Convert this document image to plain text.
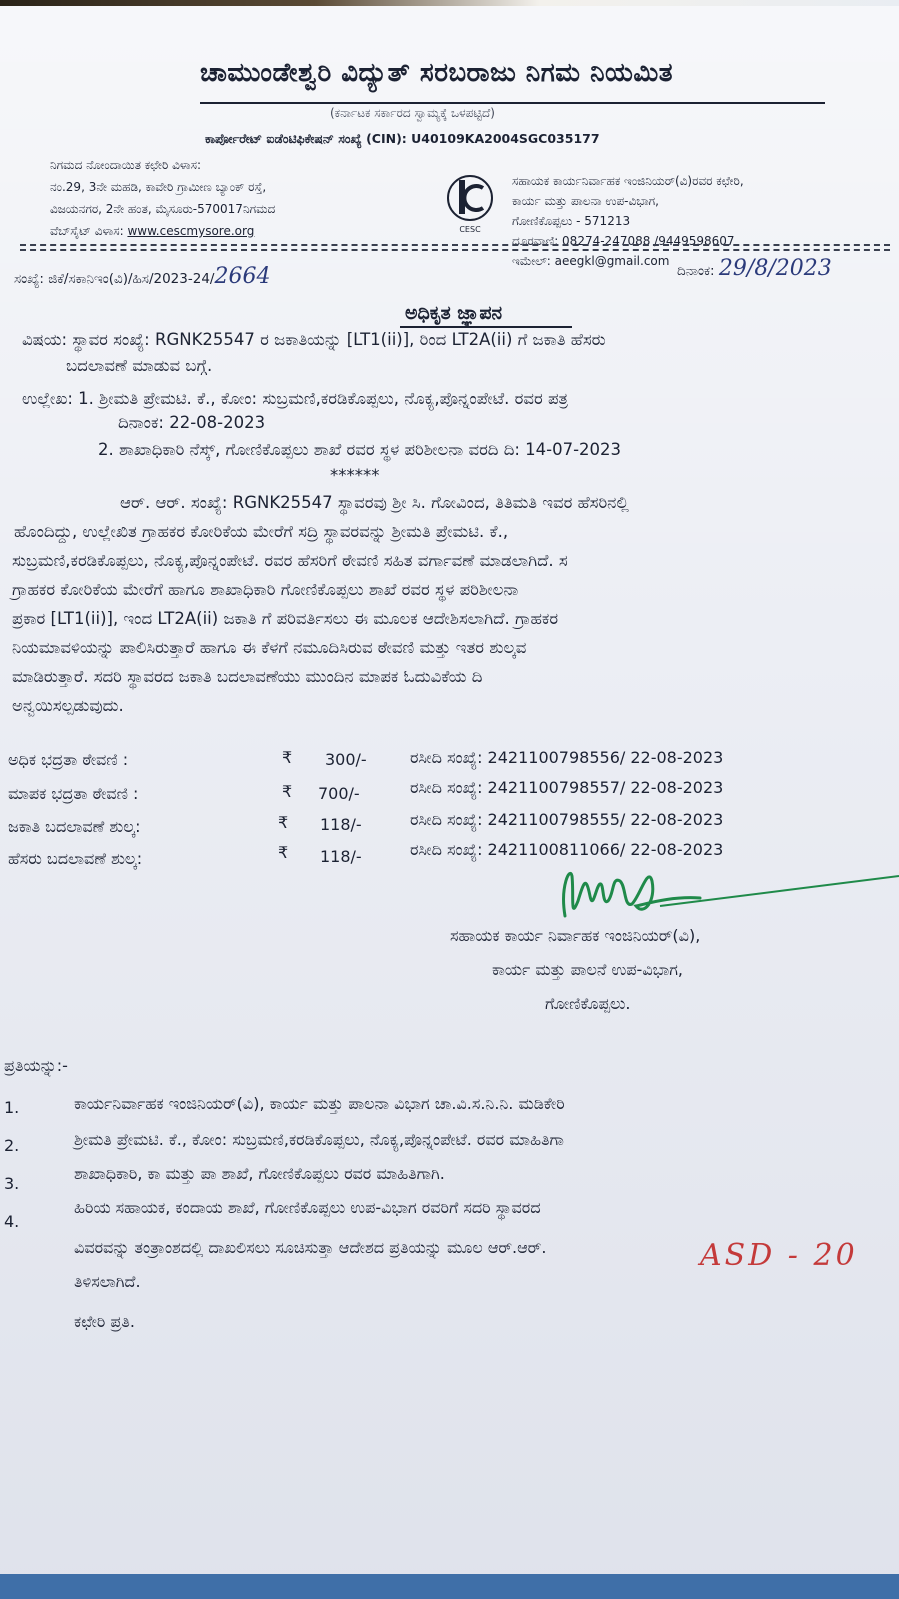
ಚಾಮುಂಡೇಶ್ವರಿ ವಿದ್ಯುತ್ ಸರಬರಾಜು ನಿಗಮ ನಿಯಮಿತ
(ಕರ್ನಾಟಕ ಸರ್ಕಾರದ ಸ್ವಾಮ್ಯಕ್ಕೆ ಒಳಪಟ್ಟಿದೆ)
ಕಾರ್ಪೋರೇಟ್ ಐಡೆಂಟಿಫಿಕೇಷನ್ ಸಂಖ್ಯೆ (CIN): U40109KA2004SGC035177
ನಿಗಮದ ನೋಂದಾಯಿತ ಕಛೇರಿ ವಿಳಾಸ:
ನಂ.29, 3ನೇ ಮಹಡಿ, ಕಾವೇರಿ ಗ್ರಾಮೀಣ ಬ್ಯಾಂಕ್ ರಸ್ತೆ,
ವಿಜಯನಗರ, 2ನೇ ಹಂತ, ಮೈಸೂರು-570017ನಿಗಮದ
ವೆಬ್‌ಸೈಟ್ ವಿಳಾಸ: www.cescmysore.org	CESC
ಸಹಾಯಕ ಕಾರ್ಯನಿರ್ವಾಹಕ ಇಂಜಿನಿಯರ್(ವಿ)ರವರ ಕಛೇರಿ,
ಕಾರ್ಯ ಮತ್ತು ಪಾಲನಾ ಉಪ-ವಿಭಾಗ,
ಗೋಣಿಕೊಪ್ಪಲು - 571213
ದೂರವಾಣಿ: 08274-247088 /9449598607
ಇಮೇಲ್: aeegkl@gmail.com
ಸಂಖ್ಯೆ: ಜಿಕೆ/ಸಕಾನಿಇಂ(ವಿ)/ಹಿಸ/2023-24/2664	ದಿನಾಂಕ: 29/8/2023
ಅಧಿಕೃತ ಜ್ಞಾಪನ
ವಿಷಯ: ಸ್ಥಾವರ ಸಂಖ್ಯೆ: RGNK25547 ರ ಜಕಾತಿಯನ್ನು [LT1(ii)], ರಿಂದ LT2A(ii) ಗೆ ಜಕಾತಿ ಹೆಸರು
ಬದಲಾವಣೆ ಮಾಡುವ ಬಗ್ಗೆ.
ಉಲ್ಲೇಖ: 1. ಶ್ರೀಮತಿ ಪ್ರೇಮಟಿ. ಕೆ., ಕೋಂ: ಸುಬ್ರಮಣಿ,ಕರಡಿಕೊಪ್ಪಲು, ನೊಕ್ಯ,ಪೊನ್ನಂಪೇಟೆ. ರವರ ಪತ್ರ
ದಿನಾಂಕ: 22-08-2023
2. ಶಾಖಾಧಿಕಾರಿ ನೆಸ್ಕ್, ಗೋಣಿಕೊಪ್ಪಲು ಶಾಖೆ ರವರ ಸ್ಥಳ ಪರಿಶೀಲನಾ ವರದಿ ದಿ: 14-07-2023
******
ಆರ್. ಆರ್. ಸಂಖ್ಯೆ: RGNK25547 ಸ್ಥಾವರವು ಶ್ರೀ ಸಿ. ಗೋವಿಂದ, ತಿತಿಮತಿ ಇವರ ಹೆಸರಿನಲ್ಲಿ
ಹೊಂದಿದ್ದು, ಉಲ್ಲೇಖಿತ ಗ್ರಾಹಕರ ಕೋರಿಕೆಯ ಮೇರೆಗೆ ಸದ್ರಿ ಸ್ಥಾವರವನ್ನು ಶ್ರೀಮತಿ ಪ್ರೇಮಟಿ. ಕೆ.,
ಸುಬ್ರಮಣಿ,ಕರಡಿಕೊಪ್ಪಲು, ನೊಕ್ಯ,ಪೊನ್ನಂಪೇಟೆ. ರವರ ಹೆಸರಿಗೆ ಠೇವಣಿ ಸಹಿತ ವರ್ಗಾವಣೆ ಮಾಡಲಾಗಿದೆ. ಸ
ಗ್ರಾಹಕರ ಕೋರಿಕೆಯ ಮೇರೆಗೆ ಹಾಗೂ ಶಾಖಾಧಿಕಾರಿ ಗೋಣಿಕೊಪ್ಪಲು ಶಾಖೆ ರವರ ಸ್ಥಳ ಪರಿಶೀಲನಾ
ಪ್ರಕಾರ [LT1(ii)], ಇಂದ LT2A(ii) ಜಕಾತಿ ಗೆ ಪರಿವರ್ತಿಸಲು ಈ ಮೂಲಕ ಆದೇಶಿಸಲಾಗಿದೆ. ಗ್ರಾಹಕರ
ನಿಯಮಾವಳಿಯನ್ನು ಪಾಲಿಸಿರುತ್ತಾರೆ ಹಾಗೂ ಈ ಕೆಳಗೆ ನಮೂದಿಸಿರುವ ಠೇವಣಿ ಮತ್ತು ಇತರ ಶುಲ್ಕವ
ಮಾಡಿರುತ್ತಾರೆ. ಸದರಿ ಸ್ಥಾವರದ ಜಕಾತಿ ಬದಲಾವಣೆಯು ಮುಂದಿನ ಮಾಪಕ ಓದುವಿಕೆಯ ದಿ
ಅನ್ವಯಿಸಲ್ಪಡುವುದು.
ಅಧಿಕ ಭದ್ರತಾ ಠೇವಣಿ :	₹ 300/-	ರಸೀದಿ ಸಂಖ್ಯೆ: 2421100798556/ 22-08-2023
ಮಾಪಕ ಭದ್ರತಾ ಠೇವಣಿ :	₹ 700/-	ರಸೀದಿ ಸಂಖ್ಯೆ: 2421100798557/ 22-08-2023
ಜಕಾತಿ ಬದಲಾವಣೆ ಶುಲ್ಕ:	₹ 118/-	ರಸೀದಿ ಸಂಖ್ಯೆ: 2421100798555/ 22-08-2023
ಹೆಸರು ಬದಲಾವಣೆ ಶುಲ್ಕ:	₹ 118/-	ರಸೀದಿ ಸಂಖ್ಯೆ: 2421100811066/ 22-08-2023
ಸಹಾಯಕ ಕಾರ್ಯ ನಿರ್ವಾಹಕ ಇಂಜಿನಿಯರ್(ವಿ),
ಕಾರ್ಯ ಮತ್ತು ಪಾಲನೆ ಉಪ-ವಿಭಾಗ,
ಗೋಣಿಕೊಪ್ಪಲು.
ಪ್ರತಿಯನ್ನು:-
1.
2.
3.
4.
ಕಾರ್ಯನಿರ್ವಾಹಕ ಇಂಜಿನಿಯರ್(ವಿ), ಕಾರ್ಯ ಮತ್ತು ಪಾಲನಾ ವಿಭಾಗ ಚಾ.ವಿ.ಸ.ನಿ.ನಿ. ಮಡಿಕೇರಿ
ಶ್ರೀಮತಿ ಪ್ರೇಮಟಿ. ಕೆ., ಕೋಂ: ಸುಬ್ರಮಣಿ,ಕರಡಿಕೊಪ್ಪಲು, ನೊಕ್ಯ,ಪೊನ್ನಂಪೇಟೆ. ರವರ ಮಾಹಿತಿಗಾ
ಶಾಖಾಧಿಕಾರಿ, ಕಾ ಮತ್ತು ಪಾ ಶಾಖೆ, ಗೋಣಿಕೊಪ್ಪಲು ರವರ ಮಾಹಿತಿಗಾಗಿ.
ಹಿರಿಯ ಸಹಾಯಕ, ಕಂದಾಯ ಶಾಖೆ, ಗೋಣಿಕೊಪ್ಪಲು ಉಪ-ವಿಭಾಗ ರವರಿಗೆ ಸದರಿ ಸ್ಥಾವರದ
ವಿವರವನ್ನು ತಂತ್ರಾಂಶದಲ್ಲಿ ದಾಖಲಿಸಲು ಸೂಚಿಸುತ್ತಾ ಆದೇಶದ ಪ್ರತಿಯನ್ನು ಮೂಲ ಆರ್.ಆರ್.
ತಿಳಿಸಲಾಗಿದೆ.
ಕಛೇರಿ ಪ್ರತಿ.
ASD - 20
